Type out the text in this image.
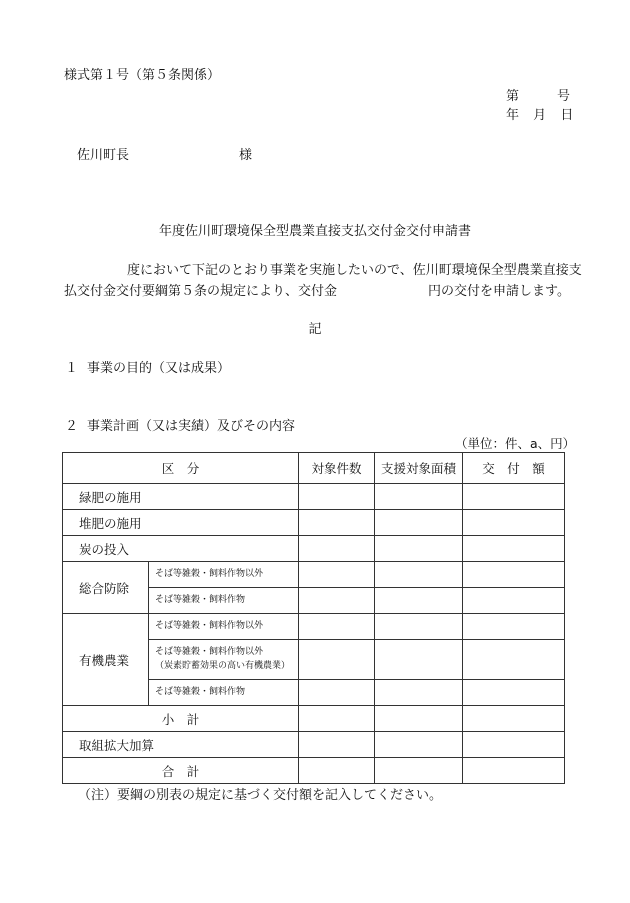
様式第１号（第５条関係）
第	号
年 月 日
佐川町長	様
年度佐川町環境保全型農業直接支払交付金交付申請書
度において下記のとおり事業を実施したいので、佐川町環境保全型農業直接支
払交付金交付要綱第５条の規定により、交付金	円の交付を申請します。
記
１ 事業の目的（又は成果）
２ 事業計画（又は実績）及びその内容
（単位：件、a、円）
区　分		対象件数	支援対象面積	交　付　額
緑肥の施用				
堆肥の施用				
炭の投入				
総合防除	そば等雑穀・飼料作物以外			
	そば等雑穀・飼料作物			
有機農業	そば等雑穀・飼料作物以外			

	そば等雑穀・飼料作物以外
（炭素貯蓄効果の高い有機農業）			

	そば等雑穀・飼料作物			
小　計				
取組拡大加算				
合　計				
（注）要綱の別表の規定に基づく交付額を記入してください。
